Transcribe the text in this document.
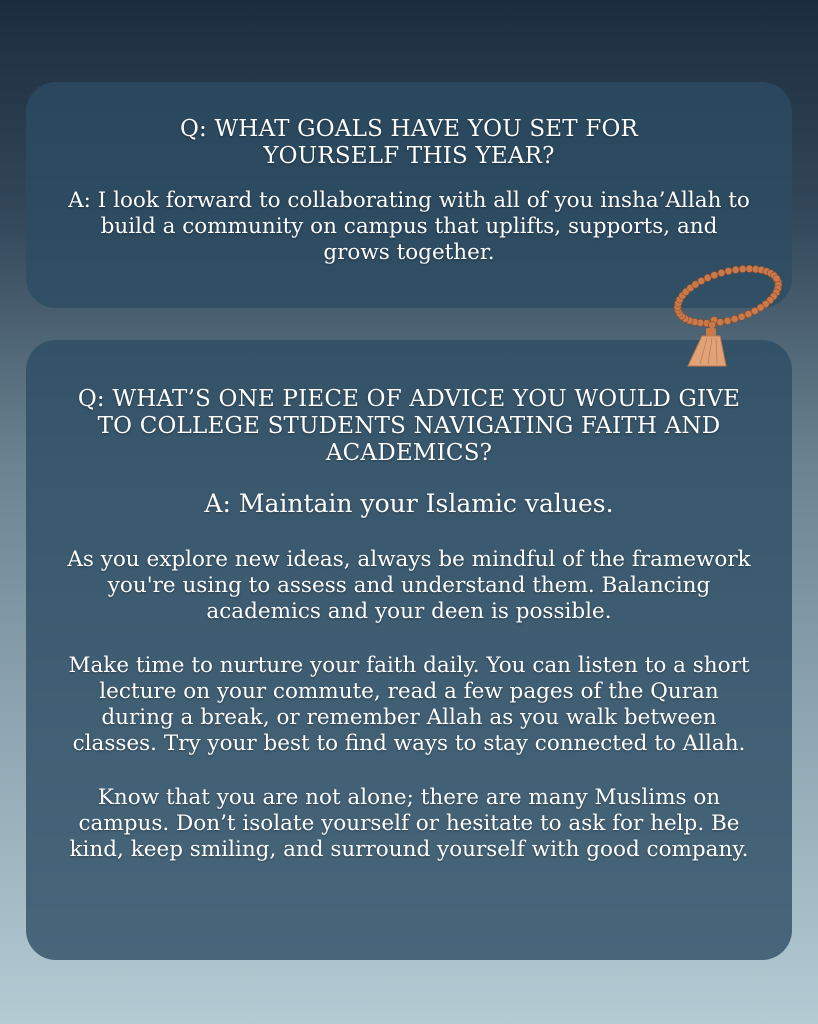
Q: WHAT GOALS HAVE YOU SET FOR YOURSELF THIS YEAR?

A: I look forward to collaborating with all of you insha’Allah to build a community on campus that uplifts, supports, and grows together.

Q: WHAT’S ONE PIECE OF ADVICE YOU WOULD GIVE TO COLLEGE STUDENTS NAVIGATING FAITH AND ACADEMICS?

A: Maintain your Islamic values.

As you explore new ideas, always be mindful of the framework you're using to assess and understand them. Balancing academics and your deen is possible.

Make time to nurture your faith daily. You can listen to a short lecture on your commute, read a few pages of the Quran during a break, or remember Allah as you walk between classes. Try your best to find ways to stay connected to Allah.

Know that you are not alone; there are many Muslims on campus. Don’t isolate yourself or hesitate to ask for help. Be kind, keep smiling, and surround yourself with good company.
